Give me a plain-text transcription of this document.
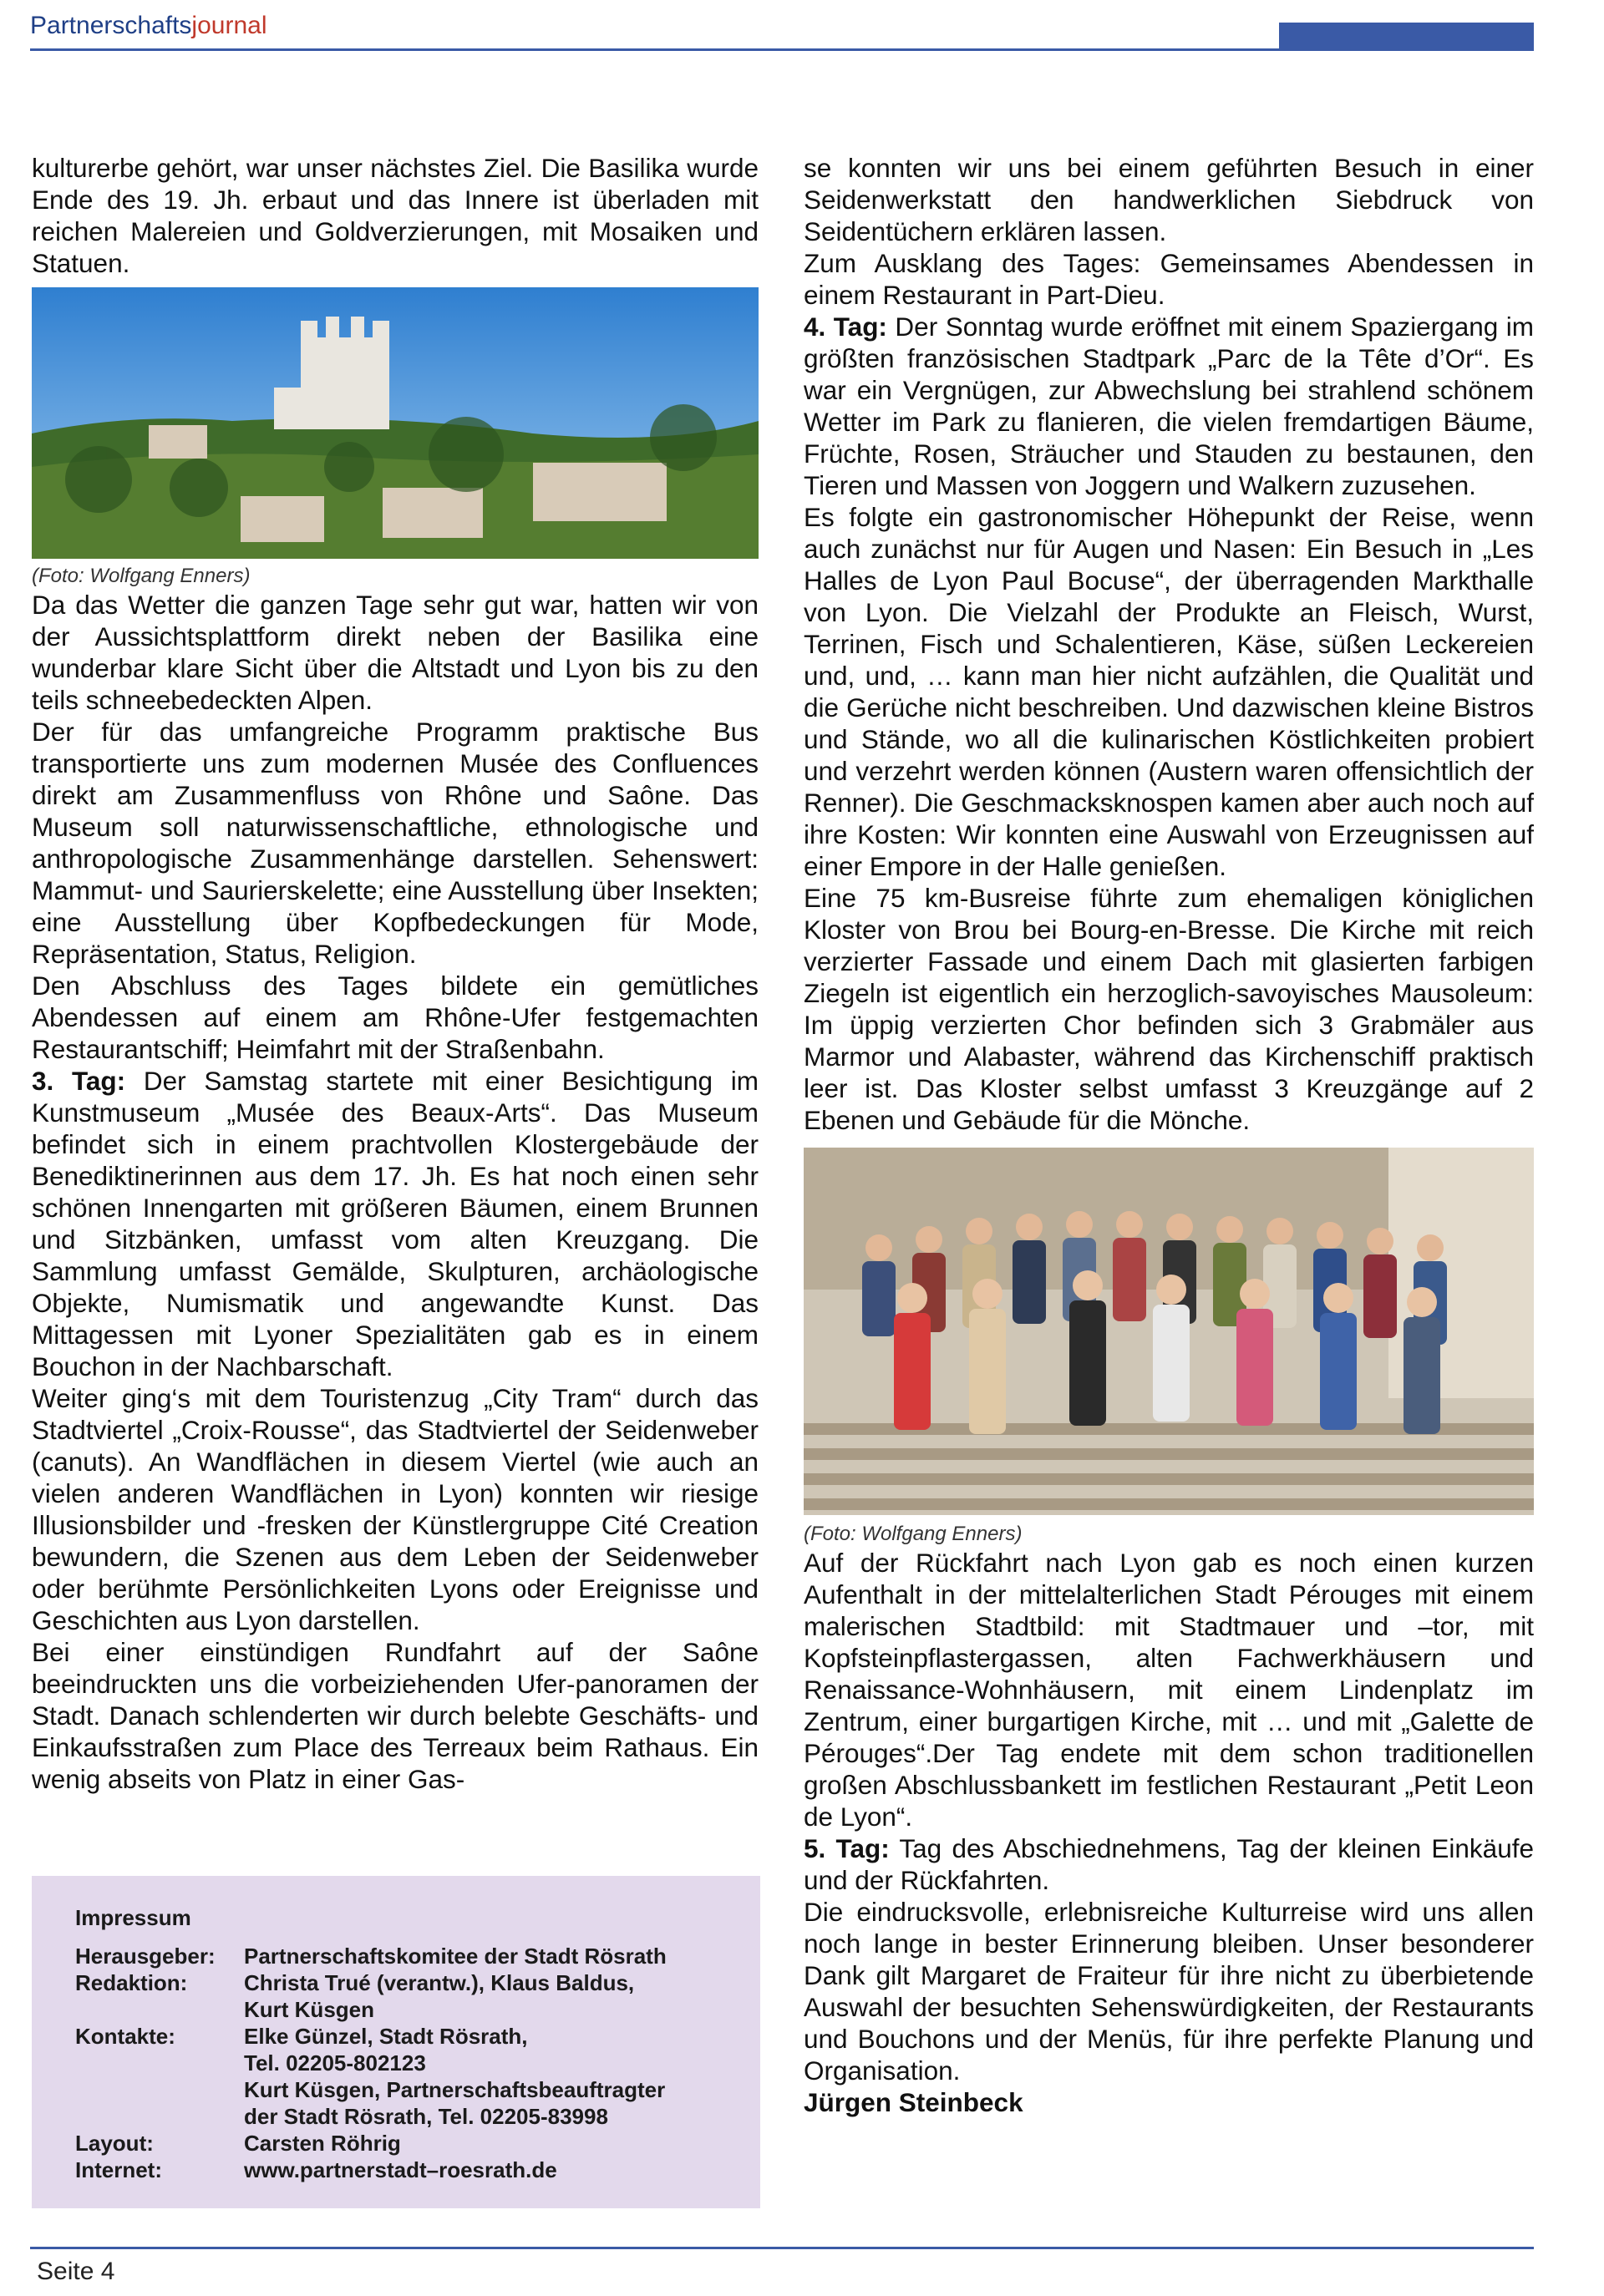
Partnerschaftsjournal

kulturerbe gehört, war unser nächstes Ziel. Die Basilika wurde Ende des 19. Jh. erbaut und das Innere ist überladen mit reichen Malereien und Goldverzierungen, mit Mosaiken und Statuen.

(Foto: Wolfgang Enners)

Da das Wetter die ganzen Tage sehr gut war, hatten wir von der Aussichtsplattform direkt neben der Basilika eine wunderbar klare Sicht über die Altstadt und Lyon bis zu den teils schneebedeckten Alpen.

Der für das umfangreiche Programm praktische Bus transportierte uns zum modernen Musée des Confluences direkt am Zusammenfluss von Rhône und Saône. Das Museum soll naturwissenschaftliche, ethnologische und anthropologische Zusammenhänge darstellen. Sehenswert: Mammut- und Saurierskelette; eine Ausstellung über Insekten; eine Ausstellung über Kopfbedeckungen für Mode, Repräsentation, Status, Religion.

Den Abschluss des Tages bildete ein gemütliches Abendessen auf einem am Rhône-Ufer festgemachten Restaurantschiff; Heimfahrt mit der Straßenbahn.

3. Tag: Der Samstag startete mit einer Besichtigung im Kunstmuseum „Musée des Beaux-Arts“. Das Museum befindet sich in einem prachtvollen Klostergebäude der Benediktinerinnen aus dem 17. Jh. Es hat noch einen sehr schönen Innengarten mit größeren Bäumen, einem Brunnen und Sitzbänken, umfasst vom alten Kreuzgang. Die Sammlung umfasst Gemälde, Skulpturen, archäologische Objekte, Numismatik und angewandte Kunst. Das Mittagessen mit Lyoner Spezialitäten gab es in einem Bouchon in der Nachbarschaft.

Weiter ging‘s mit dem Touristenzug „City Tram“ durch das Stadtviertel „Croix-Rousse“, das Stadtviertel der Seidenweber (canuts). An Wandflächen in diesem Viertel (wie auch an vielen anderen Wandflächen in Lyon) konnten wir riesige Illusionsbilder und -fresken der Künstlergruppe Cité Creation bewundern, die Szenen aus dem Leben der Seidenweber oder berühmte Persönlichkeiten Lyons oder Ereignisse und Geschichten aus Lyon darstellen.

Bei einer einstündigen Rundfahrt auf der Saône beeindruckten uns die vorbeiziehenden Ufer-panoramen der Stadt. Danach schlenderten wir durch belebte Geschäfts- und Einkaufsstraßen zum Place des Terreaux beim Rathaus. Ein wenig abseits von Platz in einer Gas-

se konnten wir uns bei einem geführten Besuch in einer Seidenwerkstatt den handwerklichen Siebdruck von Seidentüchern erklären lassen.

Zum Ausklang des Tages: Gemeinsames Abendessen in einem Restaurant in Part-Dieu.

4. Tag: Der Sonntag wurde eröffnet mit einem Spaziergang im größten französischen Stadtpark „Parc de la Tête d’Or“. Es war ein Vergnügen, zur Abwechslung bei strahlend schönem Wetter im Park zu flanieren, die vielen fremdartigen Bäume, Früchte, Rosen, Sträucher und Stauden zu bestaunen, den Tieren und Massen von Joggern und Walkern zuzusehen.

Es folgte ein gastronomischer Höhepunkt der Reise, wenn auch zunächst nur für Augen und Nasen: Ein Besuch in „Les Halles de Lyon Paul Bocuse“, der überragenden Markthalle von Lyon. Die Vielzahl der Produkte an Fleisch, Wurst, Terrinen, Fisch und Schalentieren, Käse, süßen Leckereien und, und, … kann man hier nicht aufzählen, die Qualität und die Gerüche nicht beschreiben. Und dazwischen kleine Bistros und Stände, wo all die kulinarischen Köstlichkeiten probiert und verzehrt werden können (Austern waren offensichtlich der Renner). Die Geschmacksknospen kamen aber auch noch auf ihre Kosten: Wir konnten eine Auswahl von Erzeugnissen auf einer Empore in der Halle genießen.

Eine 75 km-Busreise führte zum ehemaligen königlichen Kloster von Brou bei Bourg-en-Bresse. Die Kirche mit reich verzierter Fassade und einem Dach mit glasierten farbigen Ziegeln ist eigentlich ein herzoglich-savoyisches Mausoleum: Im üppig verzierten Chor befinden sich 3 Grabmäler aus Marmor und Alabaster, während das Kirchenschiff praktisch leer ist. Das Kloster selbst umfasst 3 Kreuzgänge auf 2 Ebenen und Gebäude für die Mönche.

(Foto: Wolfgang Enners)

Auf der Rückfahrt nach Lyon gab es noch einen kurzen Aufenthalt in der mittelalterlichen Stadt Pérouges mit einem malerischen Stadtbild: mit Stadtmauer und –tor, mit Kopfsteinpflastergassen, alten Fachwerkhäusern und Renaissance-Wohnhäusern, mit einem Lindenplatz im Zentrum, einer burgartigen Kirche, mit … und mit „Galette de Pérouges“.Der Tag endete mit dem schon traditionellen großen Abschlussbankett im festlichen Restaurant „Petit Leon de Lyon“.

5. Tag: Tag des Abschiednehmens, Tag der kleinen Einkäufe und der Rückfahrten.

Die eindrucksvolle, erlebnisreiche Kulturreise wird uns allen noch lange in bester Erinnerung bleiben. Unser besonderer Dank gilt Margaret de Fraiteur für ihre nicht zu überbietende Auswahl der besuchten Sehenswürdigkeiten, der Restaurants und Bouchons und der Menüs, für ihre perfekte Planung und Organisation.

Jürgen Steinbeck

Impressum
Herausgeber:	Partnerschaftskomitee der Stadt Rösrath
Redaktion:	Christa Trué (verantw.), Klaus Baldus,
Kurt Küsgen
Kontakte:	Elke Günzel, Stadt Rösrath,
Tel. 02205-802123
Kurt Küsgen, Partnerschaftsbeauftragter
der Stadt Rösrath, Tel. 02205-83998
Layout:	Carsten Röhrig
Internet:	www.partnerstadt–roesrath.de
Seite 4
